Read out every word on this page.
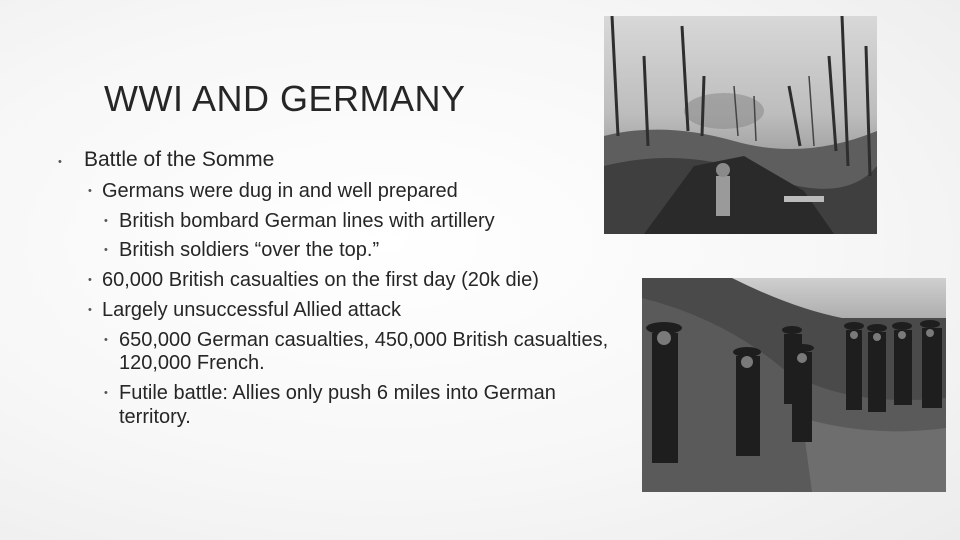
WWI AND GERMANY
• Battle of the Somme
• Germans were dug in and well prepared
• British bombard German lines with artillery
• British soldiers “over the top.”
• 60,000 British casualties on the first day (20k die)
• Largely unsuccessful Allied attack
• 650,000 German casualties, 450,000 British casualties,
120,000 French.
• Futile battle: Allies only push 6 miles into German
territory.
